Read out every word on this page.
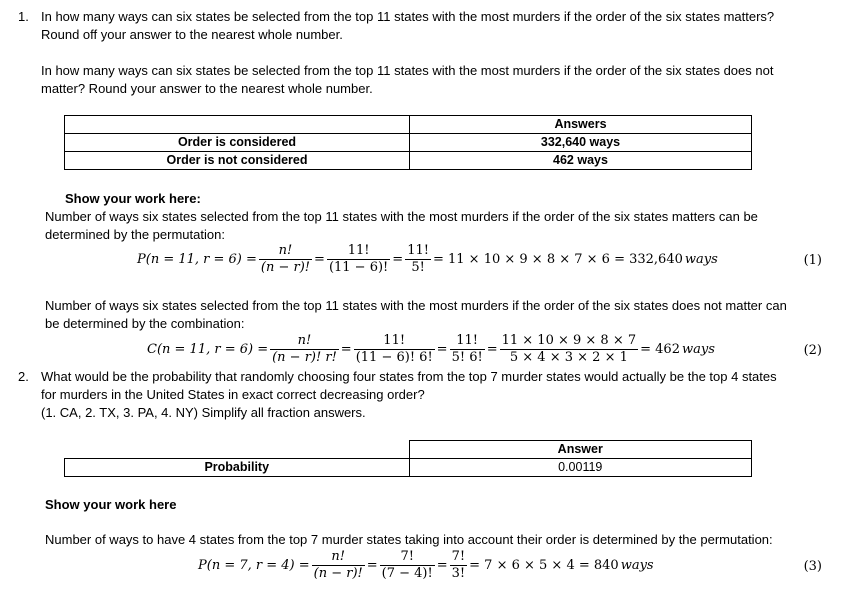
1. In how many ways can six states be selected from the top 11 states with the most murders if the order of the six states matters?
Round off your answer to the nearest whole number.
In how many ways can six states be selected from the top 11 states with the most murders if the order of the six states does not
matter? Round your answer to the nearest whole number.
	Answers
Order is considered	332,640 ways
Order is not considered	462 ways
Show your work here:
Number of ways six states selected from the top 11 states with the most murders if the order of the six states matters can be
determined by the permutation:
P(n = 11, $r = 6) = \frac{n!}{(n - r)!} = \frac{11!}{(11 - 6)!} = \frac{11!}{5!} = 11 \times 10 \times 9 \times 8 \times 7 \times 6 = 332,640$ ways	(1)
Number of ways six states selected from the top 11 states with the most murders if the order of the six states does not matter can
be determined by the combination:
C(n = 11, $r = 6) = \frac{n!}{(n - r)! r!} = \frac{11!}{(11 - 6)! 6!} = \frac{11!}{5! 6!} = \frac{11 \times 10 \times 9 \times 8 \times 7}{5 \times 4 \times 3 \times 2 \times 1} = 462$ ways	(2)
2. What would be the probability that randomly choosing four states from the top 7 murder states would actually be the top 4 states
for murders in the United States in exact correct decreasing order?
(1. CA, 2. TX, 3. PA, 4. NY) Simplify all fraction answers.
	Answer
Probability	0.00119
Show your work here
Number of ways to have 4 states from the top 7 murder states taking into account their order is determined by the permutation:
P(n = 7, $r = 4) = \frac{n!}{(n - r)!} = \frac{7!}{(7 - 4)!} = \frac{7!}{3!} = 7 \times 6 \times 5 \times 4 = 840$ ways	(3)
